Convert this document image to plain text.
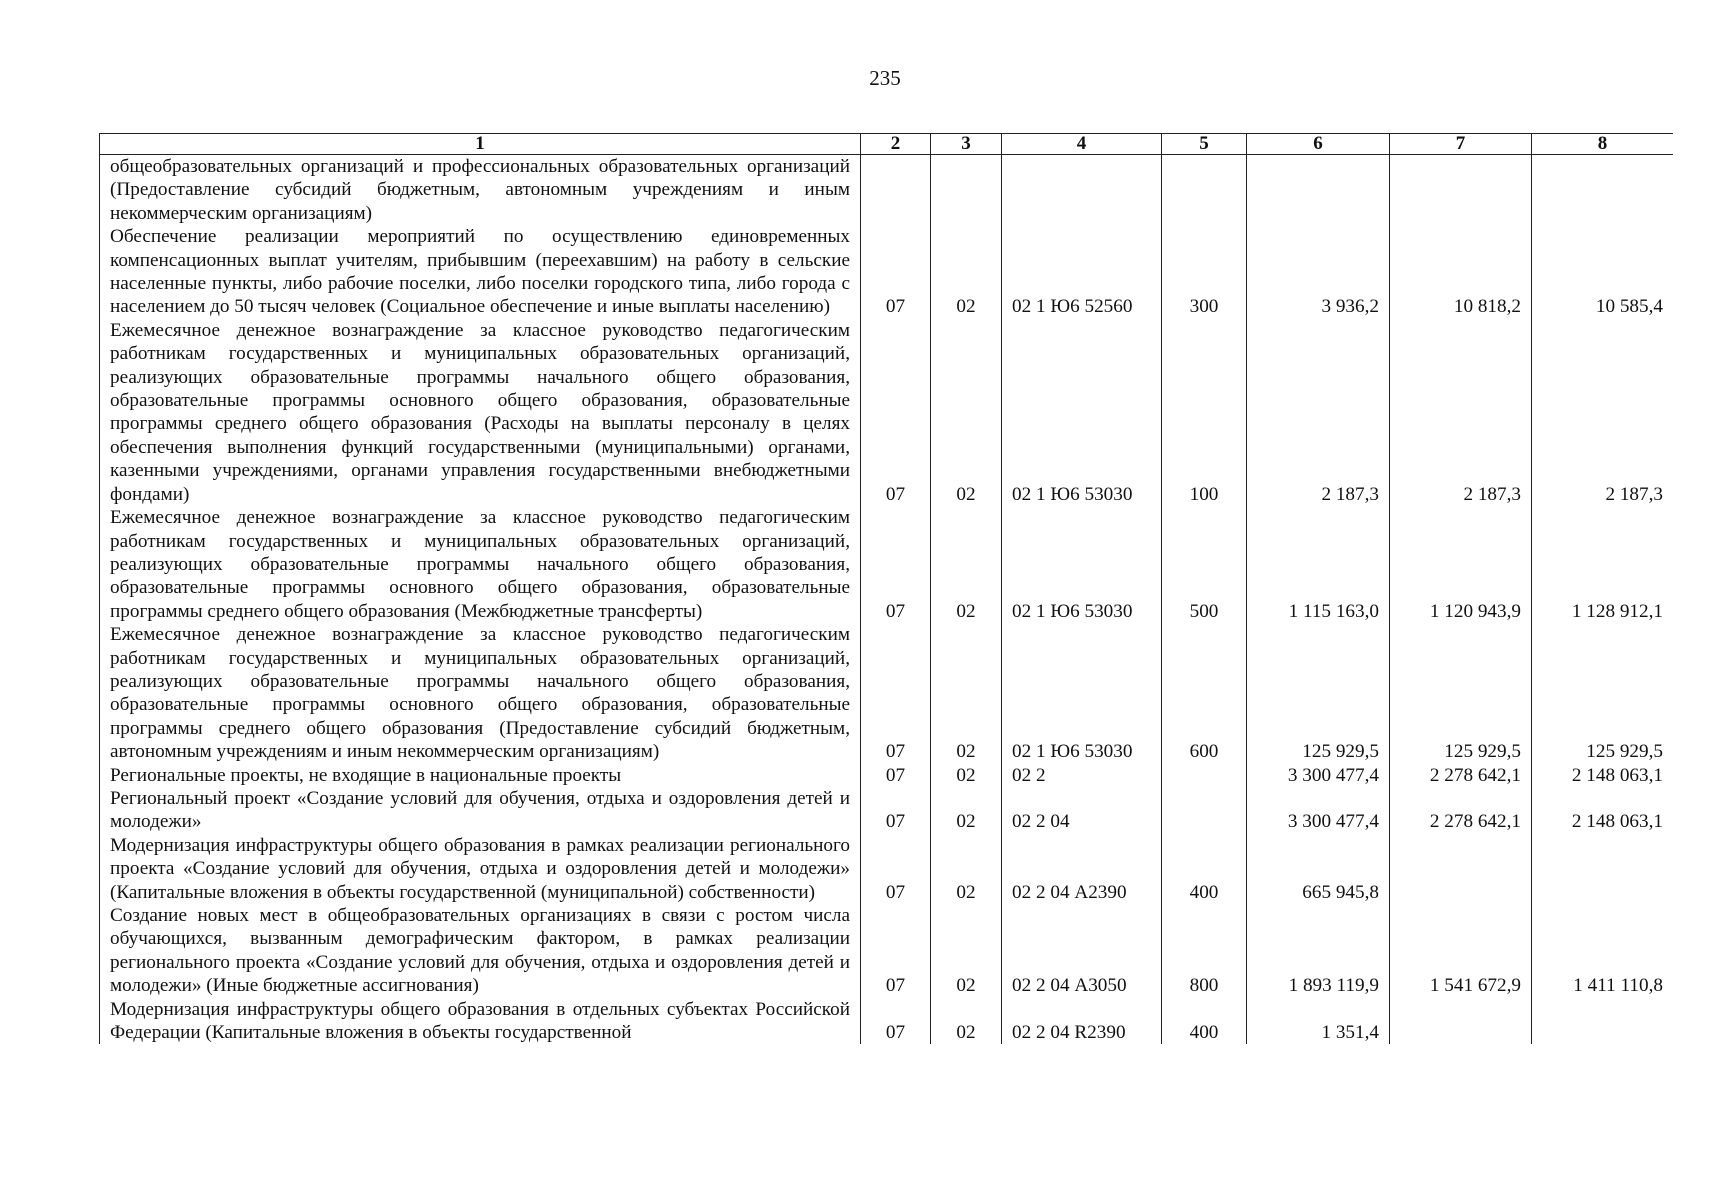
235
1	2	3	4	5	6	7	8

общеобразовательных организаций и профессиональных образовательных организаций (Предоставление субсидий бюджетным, автономным учреждениям и иным некоммерческим организациям)							

Обеспечение реализации мероприятий по осуществлению единовременных компенсационных выплат учителям, прибывшим (переехавшим) на работу в сельские населенные пункты, либо рабочие поселки, либо поселки городского типа, либо города с населением до 50 тысяч человек (Социальное обеспечение и иные выплаты населению)	07	02	02 1 Ю6 52560	300	3 936,2	10 818,2	10 585,4

Ежемесячное денежное вознаграждение за классное руководство педагогическим работникам государственных и муниципальных образовательных организаций, реализующих образовательные программы начального общего образования, образовательные программы основного общего образования, образовательные программы среднего общего образования (Расходы на выплаты персоналу в целях обеспечения выполнения функций государственными (муниципальными) органами, казенными учреждениями, органами управления государственными внебюджетными фондами)	07	02	02 1 Ю6 53030	100	2 187,3	2 187,3	2 187,3

Ежемесячное денежное вознаграждение за классное руководство педагогическим работникам государственных и муниципальных образовательных организаций, реализующих образовательные программы начального общего образования, образовательные программы основного общего образования, образовательные программы среднего общего образования (Межбюджетные трансферты)	07	02	02 1 Ю6 53030	500	1 115 163,0	1 120 943,9	1 128 912,1

Ежемесячное денежное вознаграждение за классное руководство педагогическим работникам государственных и муниципальных образовательных организаций, реализующих образовательные программы начального общего образования, образовательные программы основного общего образования, образовательные программы среднего общего образования (Предоставление субсидий бюджетным, автономным учреждениям и иным некоммерческим организациям)	07	02	02 1 Ю6 53030	600	125 929,5	125 929,5	125 929,5

Региональные проекты, не входящие в национальные проекты	07	02	02 2		3 300 477,4	2 278 642,1	2 148 063,1

Региональный проект «Создание условий для обучения, отдыха и оздоровления детей и молодежи»	07	02	02 2 04		3 300 477,4	2 278 642,1	2 148 063,1

Модернизация инфраструктуры общего образования в рамках реализации регионального проекта «Создание условий для обучения, отдыха и оздоровления детей и молодежи» (Капитальные вложения в объекты государственной (муниципальной) собственности)	07	02	02 2 04 А2390	400	665 945,8		

Создание новых мест в общеобразовательных организациях в связи с ростом числа обучающихся, вызванным демографическим фактором, в рамках реализации регионального проекта «Создание условий для обучения, отдыха и оздоровления детей и молодежи» (Иные бюджетные ассигнования)	07	02	02 2 04 А3050	800	1 893 119,9	1 541 672,9	1 411 110,8

Модернизация инфраструктуры общего образования в отдельных субъектах Российской Федерации (Капитальные вложения в объекты государственной	07	02	02 2 04 R2390	400	1 351,4		
